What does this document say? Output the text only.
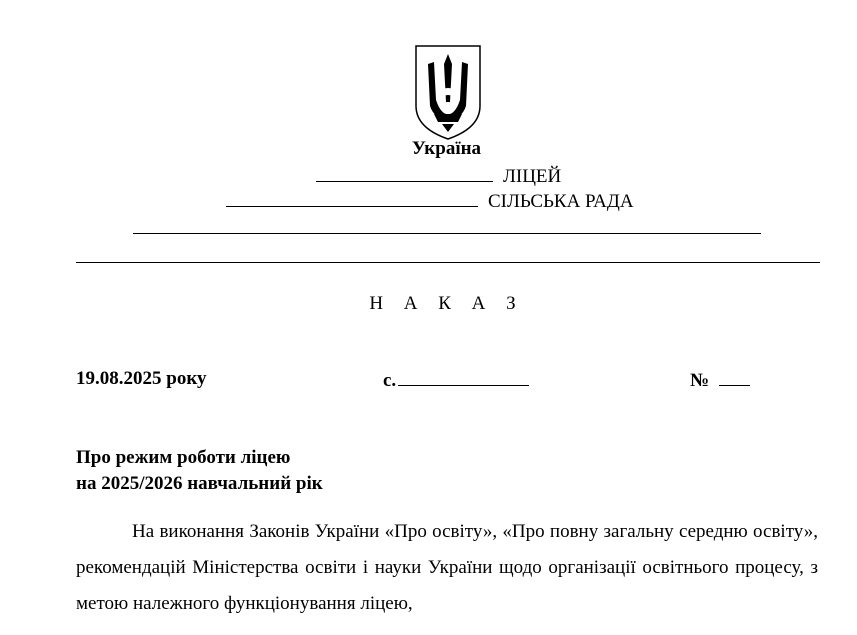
Україна
ЛІЦЕЙ
СІЛЬСЬКА РАДА
Н А К А З
19.08.2025 року	с.	№
Про режим роботи ліцею
на 2025/2026 навчальний рік

На виконання Законів України «Про освіту», «Про повну загальну середню освіту», рекомендацій Міністерства освіти і науки України щодо організації освітнього процесу, з метою належного функціонування ліцею,
